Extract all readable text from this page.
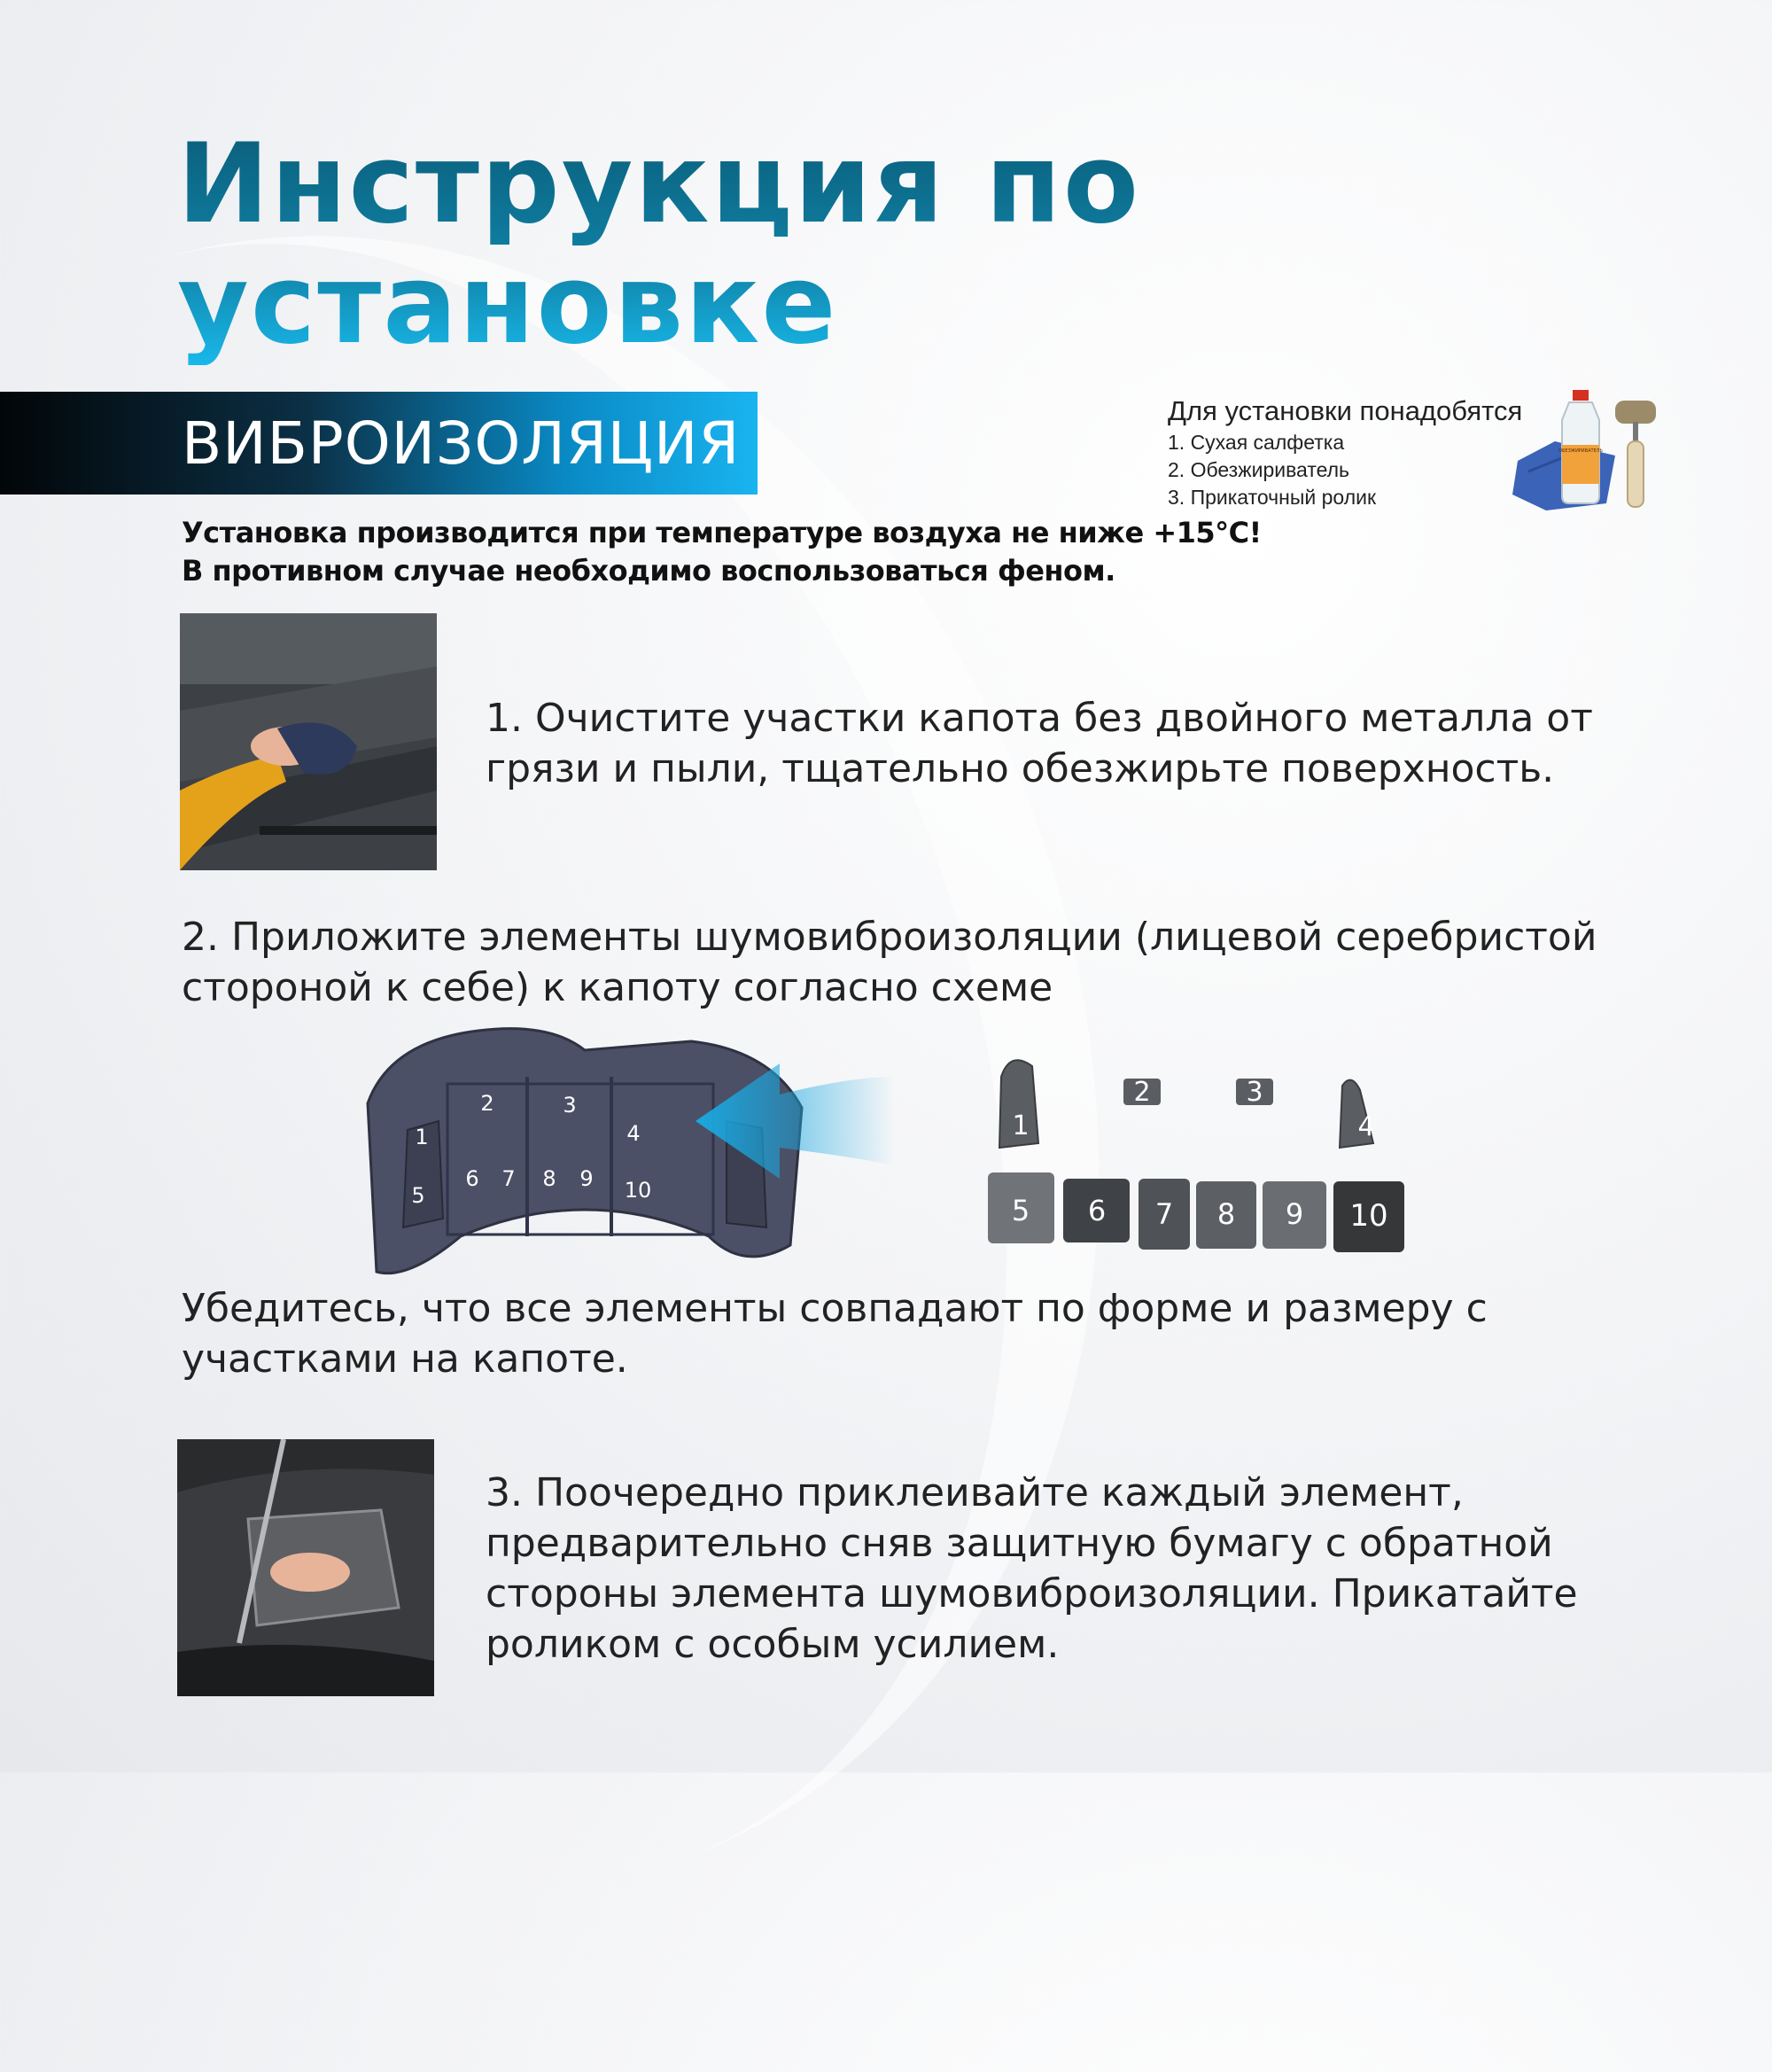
Инструкция по
установке
ВИБРОИЗОЛЯЦИЯ	Для установки понадобятся
1. Сухая салфетка
2. Обезжириватель
3. Прикаточный ролик
ОБЕЗЖИРИВАТЕЛЬ
Установка производится при температуре воздуха не ниже +15°С!
В противном случае необходимо воспользоваться феном.
1. Очистите участки капота без двойного металла от грязи и пыли, тщательно обезжирьте поверхность.
2. Приложите элементы шумовиброизоляции (лицевой серебристой стороной к себе) к капоту согласно схеме
1
2	3
4
5
6 7 8 9 10
1
2	3
4
5 6 7 8 9 10
Убедитесь, что все элементы совпадают по форме и размеру с участками на капоте.
3. Поочередно приклеивайте каждый элемент, предварительно сняв защитную бумагу с обратной стороны элемента шумовиброизоляции. Прикатайте роликом с особым усилием.
